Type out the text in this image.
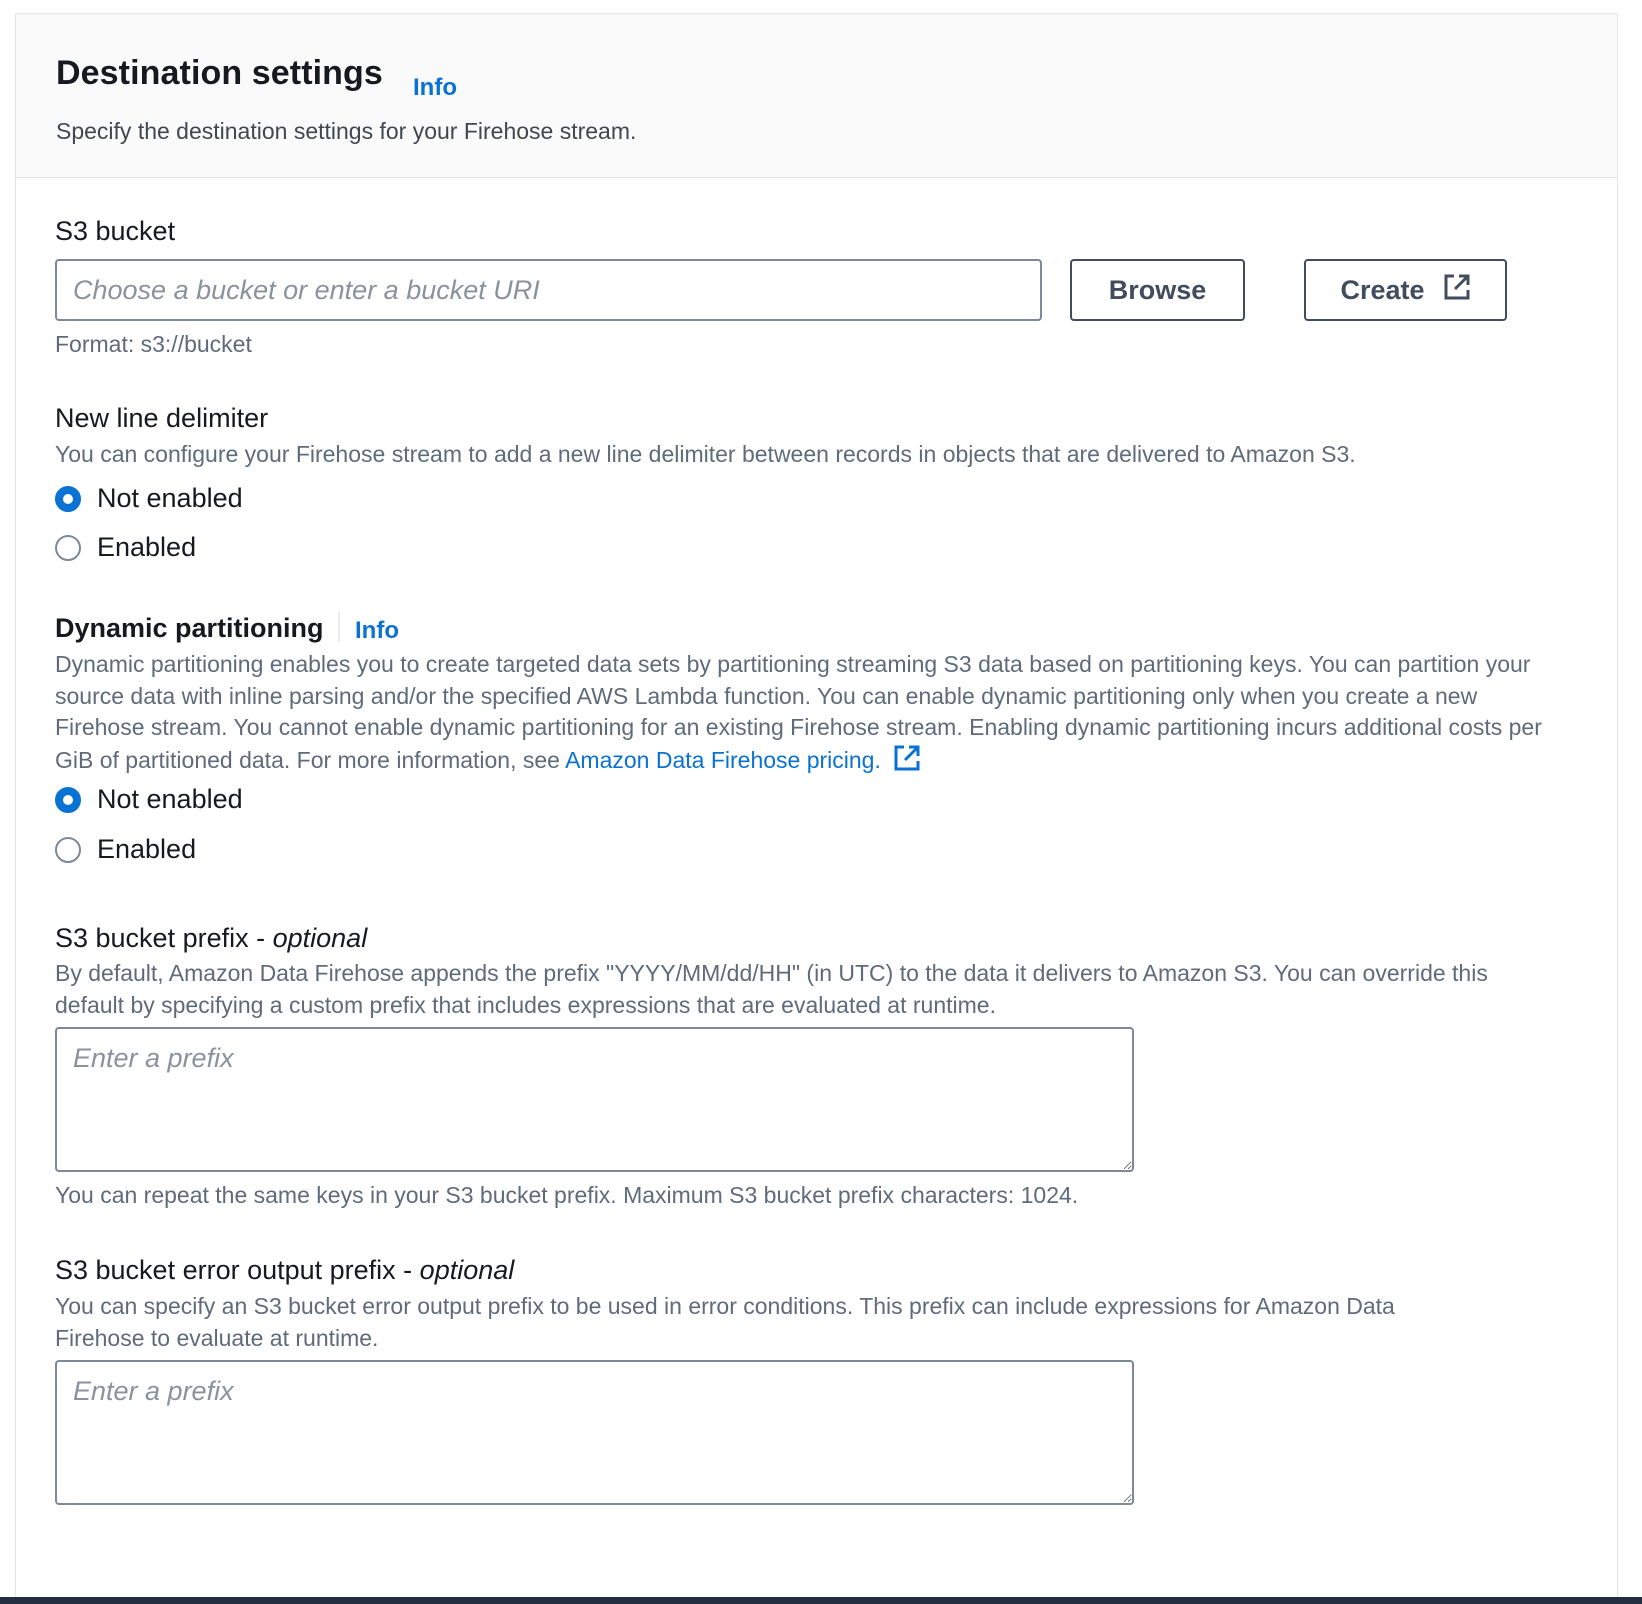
Destination settings Info
Specify the destination settings for your Firehose stream.
S3 bucket
Choose a bucket or enter a bucket URI
Browse	Create
Format: s3://bucket
New line delimiter
You can configure your Firehose stream to add a new line delimiter between records in objects that are delivered to Amazon S3.
Not enabled
Enabled
Dynamic partitioning Info
Dynamic partitioning enables you to create targeted data sets by partitioning streaming S3 data based on partitioning keys. You can partition your source data with inline parsing and/or the specified AWS Lambda function. You can enable dynamic partitioning only when you create a new Firehose stream. You cannot enable dynamic partitioning for an existing Firehose stream. Enabling dynamic partitioning incurs additional costs per GiB of partitioned data. For more information, see Amazon Data Firehose pricing.
Not enabled
Enabled
S3 bucket prefix - optional
By default, Amazon Data Firehose appends the prefix "YYYY/MM/dd/HH" (in UTC) to the data it delivers to Amazon S3. You can override this default by specifying a custom prefix that includes expressions that are evaluated at runtime.
Enter a prefix
You can repeat the same keys in your S3 bucket prefix. Maximum S3 bucket prefix characters: 1024.
S3 bucket error output prefix - optional
You can specify an S3 bucket error output prefix to be used in error conditions. This prefix can include expressions for Amazon Data Firehose to evaluate at runtime.
Enter a prefix
